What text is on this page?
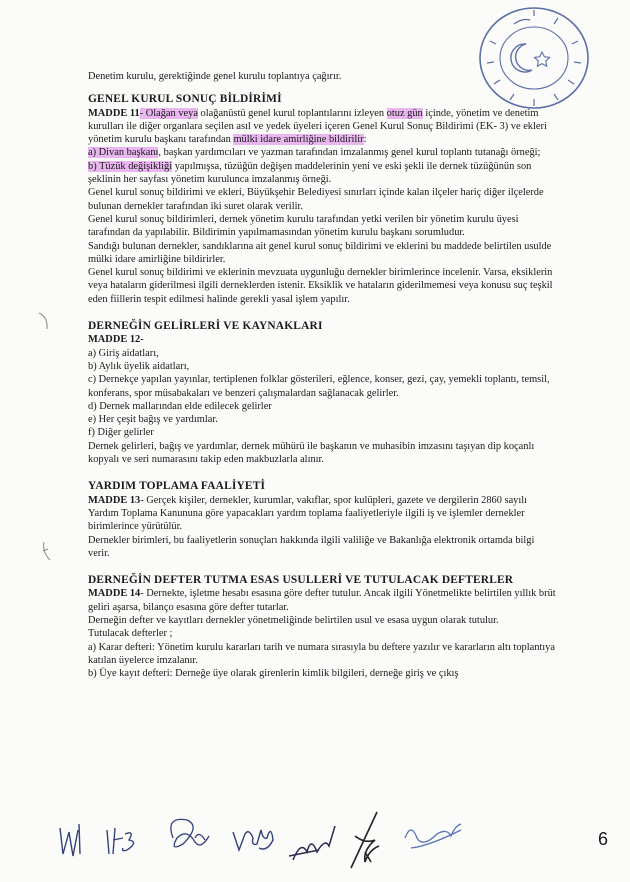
Denetim kurulu, gerektiğinde genel kurulu toplantıya çağırır.

GENEL KURUL SONUÇ BİLDİRİMİ

MADDE 11- Olağan veya olağanüstü genel kurul toplantılarını izleyen otuz gün içinde, yönetim ve denetim kurulları ile diğer organlara seçilen asıl ve yedek üyeleri içeren Genel Kurul Sonuç Bildirimi (EK- 3) ve ekleri yönetim kurulu başkanı tarafından mülki idare amirliğine bildirilir:

a) Divan başkanı, başkan yardımcıları ve yazman tarafından imzalanmış genel kurul toplantı tutanağı örneği;

b) Tüzük değişikliği yapılmışsa, tüzüğün değişen maddelerinin yeni ve eski şekli ile dernek tüzüğünün son şeklinin her sayfası yönetim kurulunca imzalanmış örneği.

Genel kurul sonuç bildirimi ve ekleri, Büyükşehir Belediyesi sınırları içinde kalan ilçeler hariç diğer ilçelerde bulunan dernekler tarafından iki suret olarak verilir.

Genel kurul sonuç bildirimleri, dernek yönetim kurulu tarafından yetki verilen bir yönetim kurulu üyesi tarafından da yapılabilir. Bildirimin yapılmamasından yönetim kurulu başkanı sorumludur.

Sandığı bulunan dernekler, sandıklarına ait genel kurul sonuç bildirimi ve eklerini bu maddede belirtilen usulde mülki idare amirliğine bildirirler.

Genel kurul sonuç bildirimi ve eklerinin mevzuata uygunluğu dernekler birimlerince incelenir. Varsa, eksiklerin veya hataların giderilmesi ilgili derneklerden istenir. Eksiklik ve hataların giderilmemesi veya konusu suç teşkil eden fiillerin tespit edilmesi halinde gerekli yasal işlem yapılır.

DERNEĞİN GELİRLERİ VE KAYNAKLARI

MADDE 12-

a) Giriş aidatları,

b) Aylık üyelik aidatları,

c) Dernekçe yapılan yayınlar, tertiplenen folklar gösterileri, eğlence, konser, gezi, çay, yemekli toplantı, temsil, konferans, spor müsabakaları ve benzeri çalışmalardan sağlanacak gelirler.

d) Dernek mallarından elde edilecek gelirler

e) Her çeşit bağış ve yardımlar.

f) Diğer gelirler

Dernek gelirleri, bağış ve yardımlar, dernek mühürü ile başkanın ve muhasibin imzasını taşıyan dip koçanlı kopyalı ve seri numarasını takip eden makbuzlarla alınır.

YARDIM TOPLAMA FAALİYETİ

MADDE 13- Gerçek kişiler, dernekler, kurumlar, vakıflar, spor kulüpleri, gazete ve dergilerin 2860 sayılı Yardım Toplama Kanununa göre yapacakları yardım toplama faaliyetleriyle ilgili iş ve işlemler dernekler birimlerince yürütülür.

Dernekler birimleri, bu faaliyetlerin sonuçları hakkında ilgili valiliğe ve Bakanlığa elektronik ortamda bilgi verir.

DERNEĞİN DEFTER TUTMA ESAS USULLERİ VE TUTULACAK DEFTERLER

MADDE 14- Dernekte, işletme hesabı esasına göre defter tutulur. Ancak ilgili Yönetmelikte belirtilen yıllık brüt geliri aşarsa, bilanço esasına göre defter tutarlar.

Derneğin defter ve kayıtları dernekler yönetmeliğinde belirtilen usul ve esasa uygun olarak tutulur.

Tutulacak defterler ;

a) Karar defteri: Yönetim kurulu kararları tarih ve numara sırasıyla bu deftere yazılır ve kararların altı toplantıya katılan üyelerce imzalanır.

b) Üye kayıt defteri: Derneğe üye olarak girenlerin kimlik bilgileri, derneğe giriş ve çıkış

6
